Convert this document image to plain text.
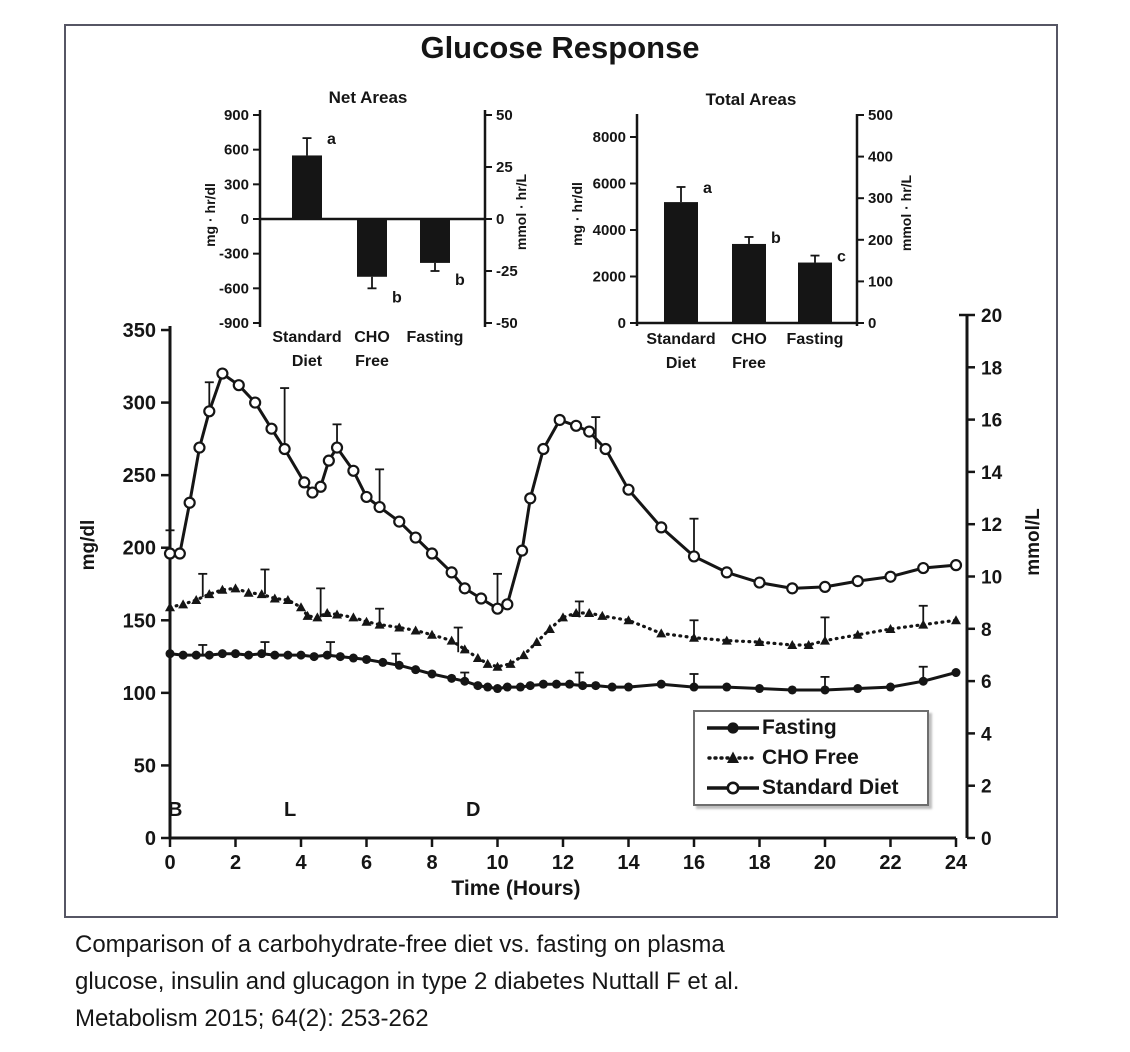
0
50
100
150
200
250
300
350
0
2
4
6
8
10
12
14
16
18
20
0	2	4	6	8 10 12 14 16 18 20 22 24
900
600
300
0
-300
-600
-900
50
25
0
-25
-50
a
Standard
Diet
b
CHO
Free
b
Fasting
0
2000
4000
6000
8000
0
100
200
300
400
500
a
Standard
Diet
b
CHO
Free
c
Fasting
Glucose Response
Net Areas	Total Areas
mg · hr/dl	mmol · hr/L	mg · hr/dl	mmol · hr/L
mg/dl	mmol/L
Time (Hours)
B	L	D
Fasting
CHO Free
Standard Diet
Comparison of a carbohydrate-free diet vs. fasting on plasma
glucose, insulin and glucagon in type 2 diabetes Nuttall F et al.
Metabolism 2015; 64(2): 253-262
